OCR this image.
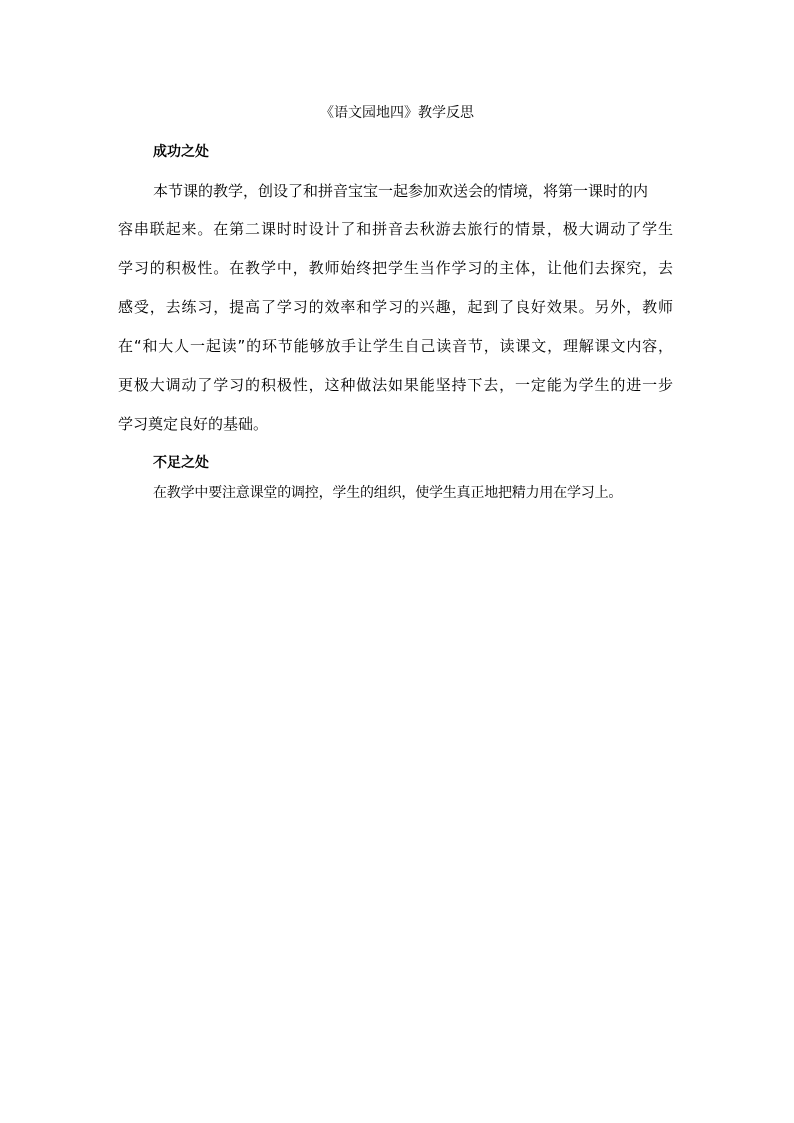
《语文园地四》教学反思
成功之处
本节课的教学，创设了和拼音宝宝一起参加欢送会的情境，将第一课时的内
容串联起来。在第二课时时设计了和拼音去秋游去旅行的情景，极大调动了学生
学习的积极性。在教学中，教师始终把学生当作学习的主体，让他们去探究，去
感受，去练习，提高了学习的效率和学习的兴趣，起到了良好效果。另外，教师
在“和大人一起读”的环节能够放手让学生自己读音节，读课文，理解课文内容，
更极大调动了学习的积极性，这种做法如果能坚持下去，一定能为学生的进一步
学习奠定良好的基础。
不足之处
在教学中要注意课堂的调控，学生的组织，使学生真正地把精力用在学习上。
